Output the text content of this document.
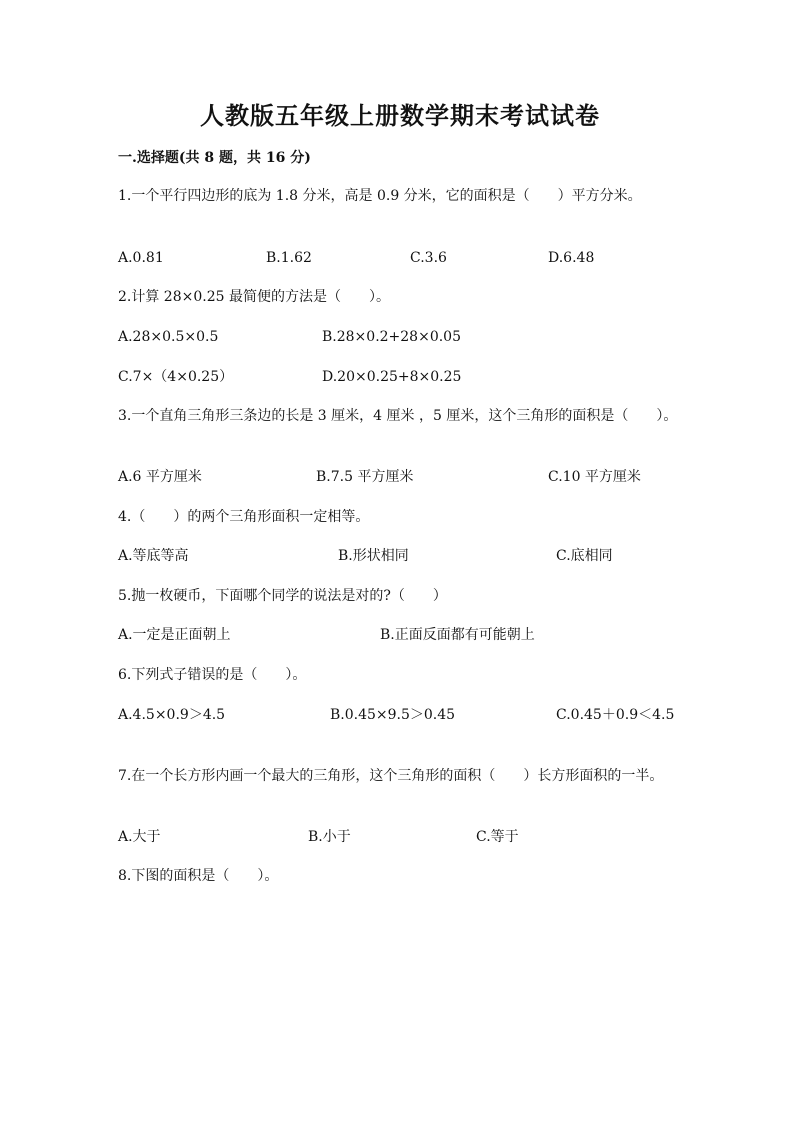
人教版五年级上册数学期末考试试卷
一.选择题(共 8 题，共 16 分)
1.一个平行四边形的底为 1.8 分米，高是 0.9 分米，它的面积是（　　）平方分米。
A.0.81	B.1.62	C.3.6	D.6.48
2.计算 28×0.25 最简便的方法是（　　）。
A.28×0.5×0.5	B.28×0.2+28×0.05
C.7×（4×0.25）	D.20×0.25+8×0.25
3.一个直角三角形三条边的长是 3 厘米，4 厘米 ，5 厘米，这个三角形的面积是（　　）。
A.6 平方厘米	B.7.5 平方厘米	C.10 平方厘米
4.（　　）的两个三角形面积一定相等。
A.等底等高	B.形状相同	C.底相同
5.抛一枚硬币，下面哪个同学的说法是对的?（　　）
A.一定是正面朝上	B.正面反面都有可能朝上
6.下列式子错误的是（　　）。
A.4.5×0.9＞4.5	B.0.45×9.5＞0.45	C.0.45＋0.9＜4.5
7.在一个长方形内画一个最大的三角形，这个三角形的面积（　　）长方形面积的一半。
A.大于	B.小于	C.等于
8.下图的面积是（　　）。
